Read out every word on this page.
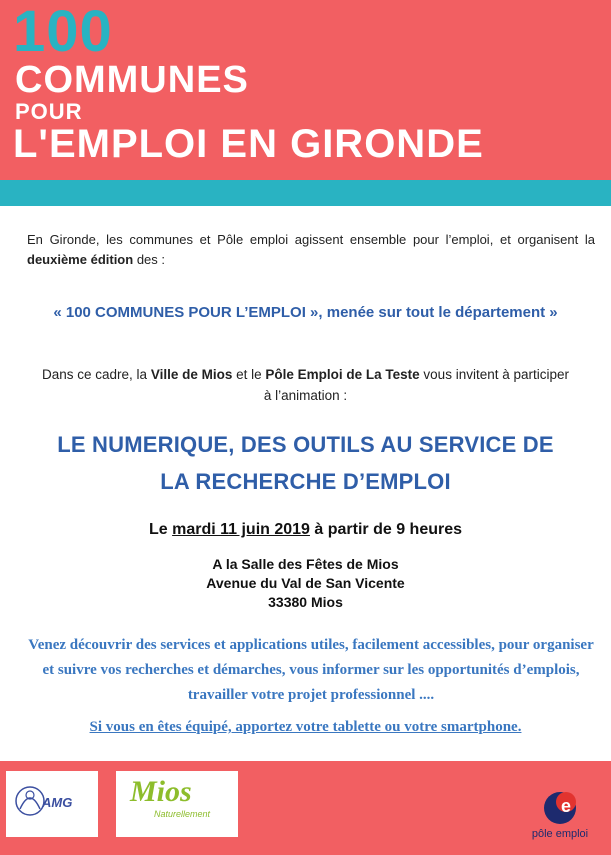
100
COMMUNES
POUR
L'EMPLOI EN GIRONDE
En Gironde, les communes et Pôle emploi agissent ensemble pour l’emploi, et organisent la deuxième édition des :
« 100 COMMUNES POUR L’EMPLOI », menée sur tout le département »
Dans ce cadre, la Ville de Mios et le Pôle Emploi de La Teste vous invitent à participer à l’animation :
LE NUMERIQUE, DES OUTILS AU SERVICE DE
LA RECHERCHE D’EMPLOI
Le mardi 11 juin 2019 à partir de 9 heures
A la Salle des Fêtes de Mios
Avenue du Val de San Vicente
33380 Mios
Venez découvrir des services et applications utiles, facilement accessibles, pour organiser et suivre vos recherches et démarches, vous informer sur les opportunités d’emplois, travailler votre projet professionnel ....
Si vous en êtes équipé, apportez votre tablette ou votre smartphone.
AMG Mios
Naturellement	e
pôle emploi
